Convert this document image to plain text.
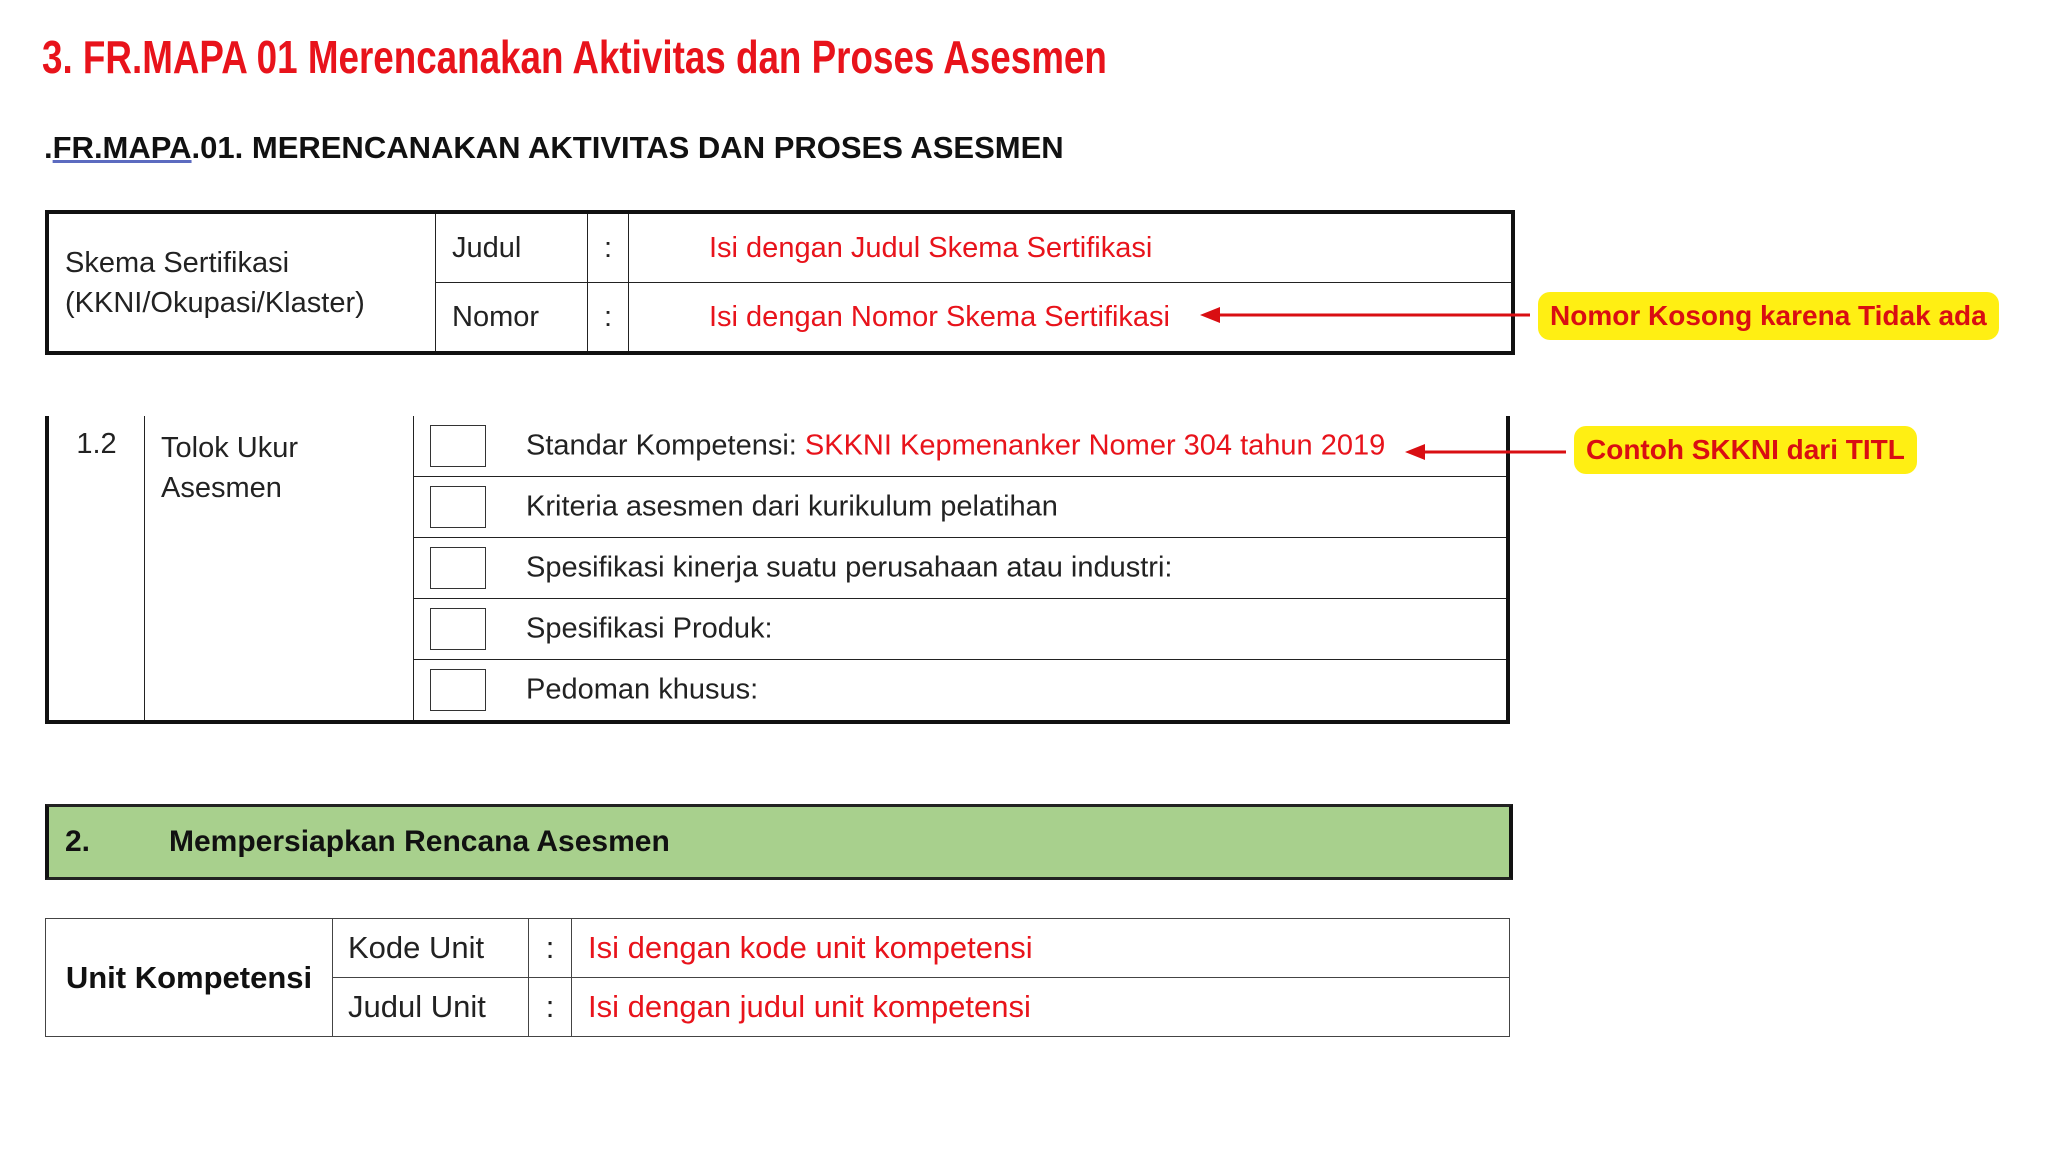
3. FR.MAPA 01 Merencanakan Aktivitas dan Proses Asesmen
.FR.MAPA.01. MERENCANAKAN AKTIVITAS DAN PROSES ASESMEN
Skema Sertifikasi
(KKNI/Okupasi/Klaster)	Judul	:	Isi dengan Judul Skema Sertifikasi
	Nomor	:	Isi dengan Nomor Skema Sertifikasi
1.2	Tolok Ukur
Asesmen
	Standar Kompetensi: SKKNI Kepmenanker Nomer 304 tahun 2019
Kriteria asesmen dari kurikulum pelatihan
Spesifikasi kinerja suatu perusahaan atau industri:
Spesifikasi Produk:
Pedoman khusus:
2.	Mempersiapkan Rencana Asesmen
Unit Kompetensi	Kode Unit	:	Isi dengan kode unit kompetensi
	Judul Unit	:	Isi dengan judul unit kompetensi
Nomor Kosong karena Tidak ada
Contoh SKKNI dari TITL
